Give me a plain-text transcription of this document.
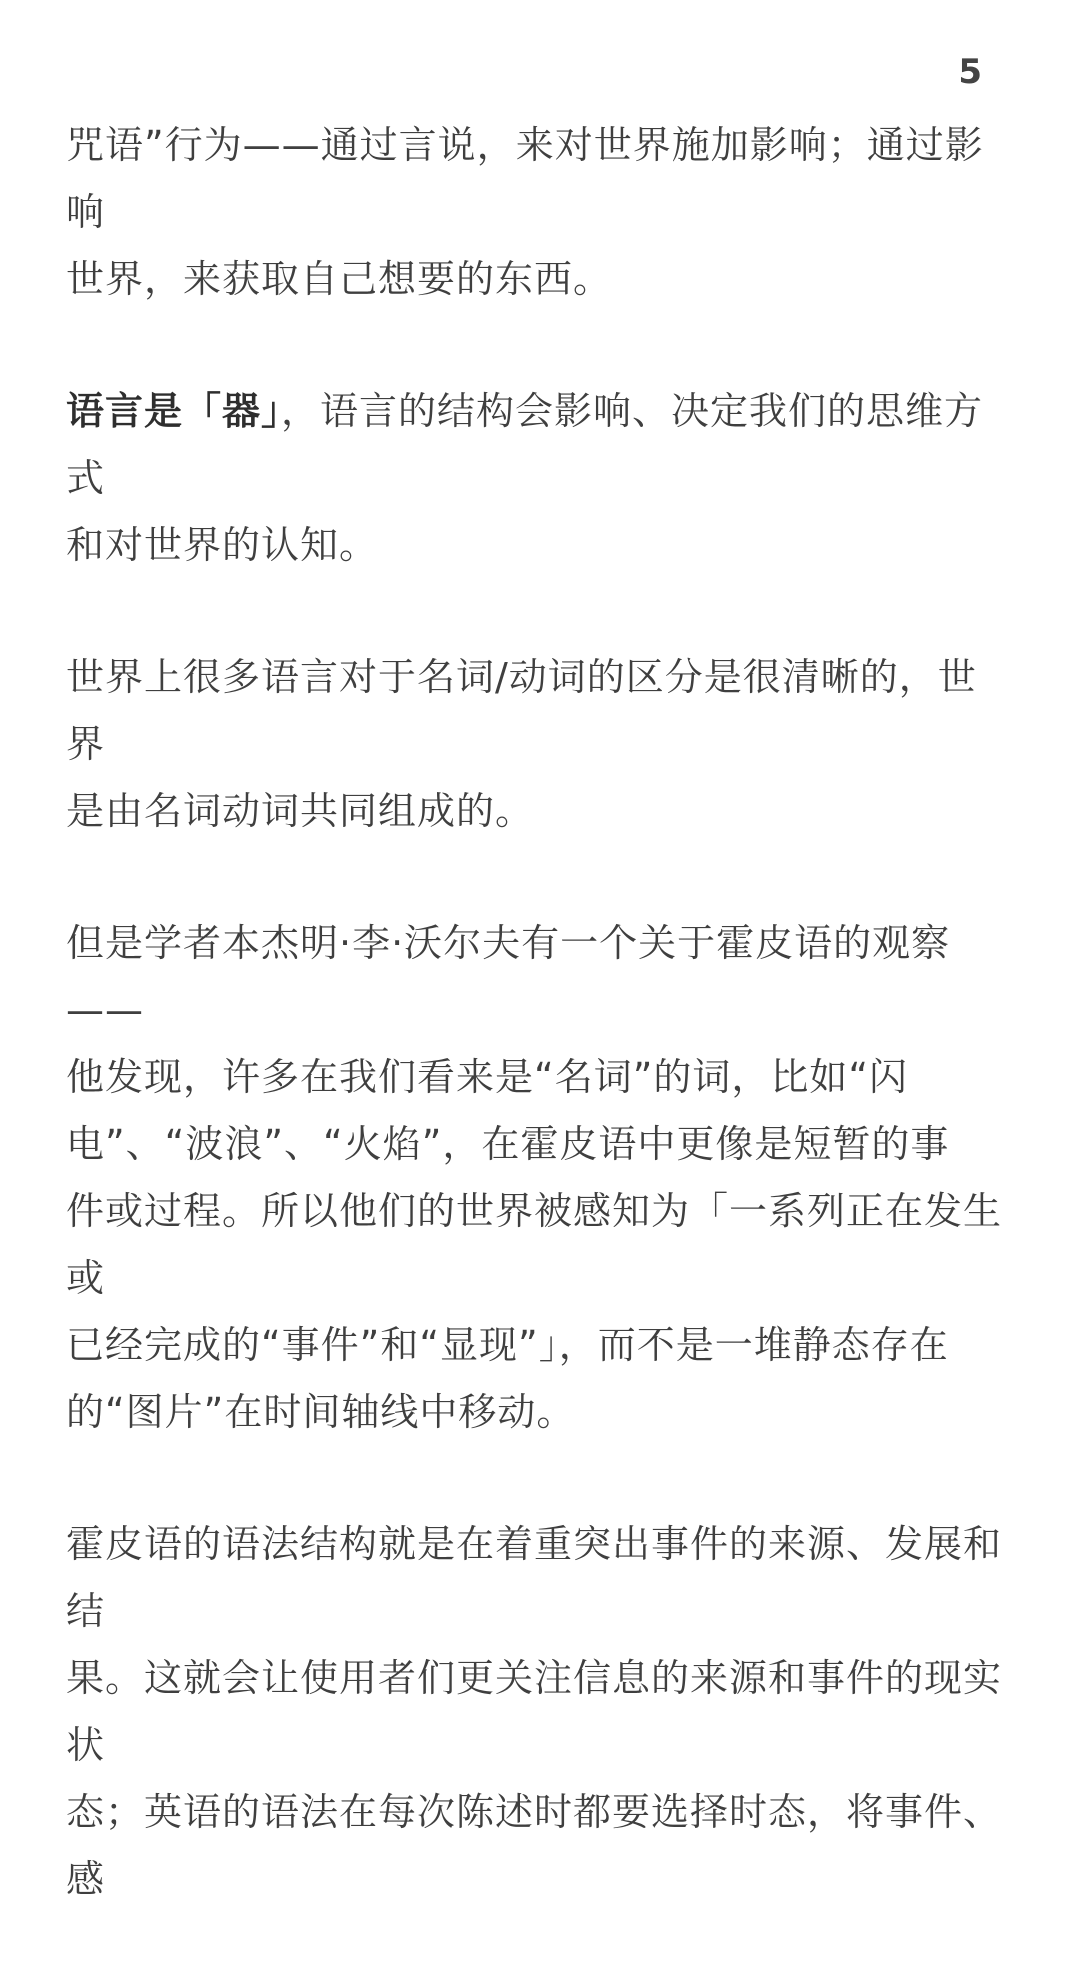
5

咒语”行为——通过言说，来对世界施加影响；通过影响
世界，来获取自己想要的东西。

语言是「器」，语言的结构会影响、决定我们的思维方式
和对世界的认知。

世界上很多语言对于名词/动词的区分是很清晰的，世界
是由名词动词共同组成的。

但是学者本杰明·李·沃尔夫有一个关于霍皮语的观察——
他发现，许多在我们看来是“名词”的词，比如“闪
电”、“波浪”、“火焰”，在霍皮语中更像是短暂的事
件或过程。所以他们的世界被感知为「一系列正在发生或
已经完成的“事件”和“显现”」，而不是一堆静态存在
的“图片”在时间轴线中移动。

霍皮语的语法结构就是在着重突出事件的来源、发展和结
果。这就会让使用者们更关注信息的来源和事件的现实状
态；英语的语法在每次陈述时都要选择时态，将事件、感
